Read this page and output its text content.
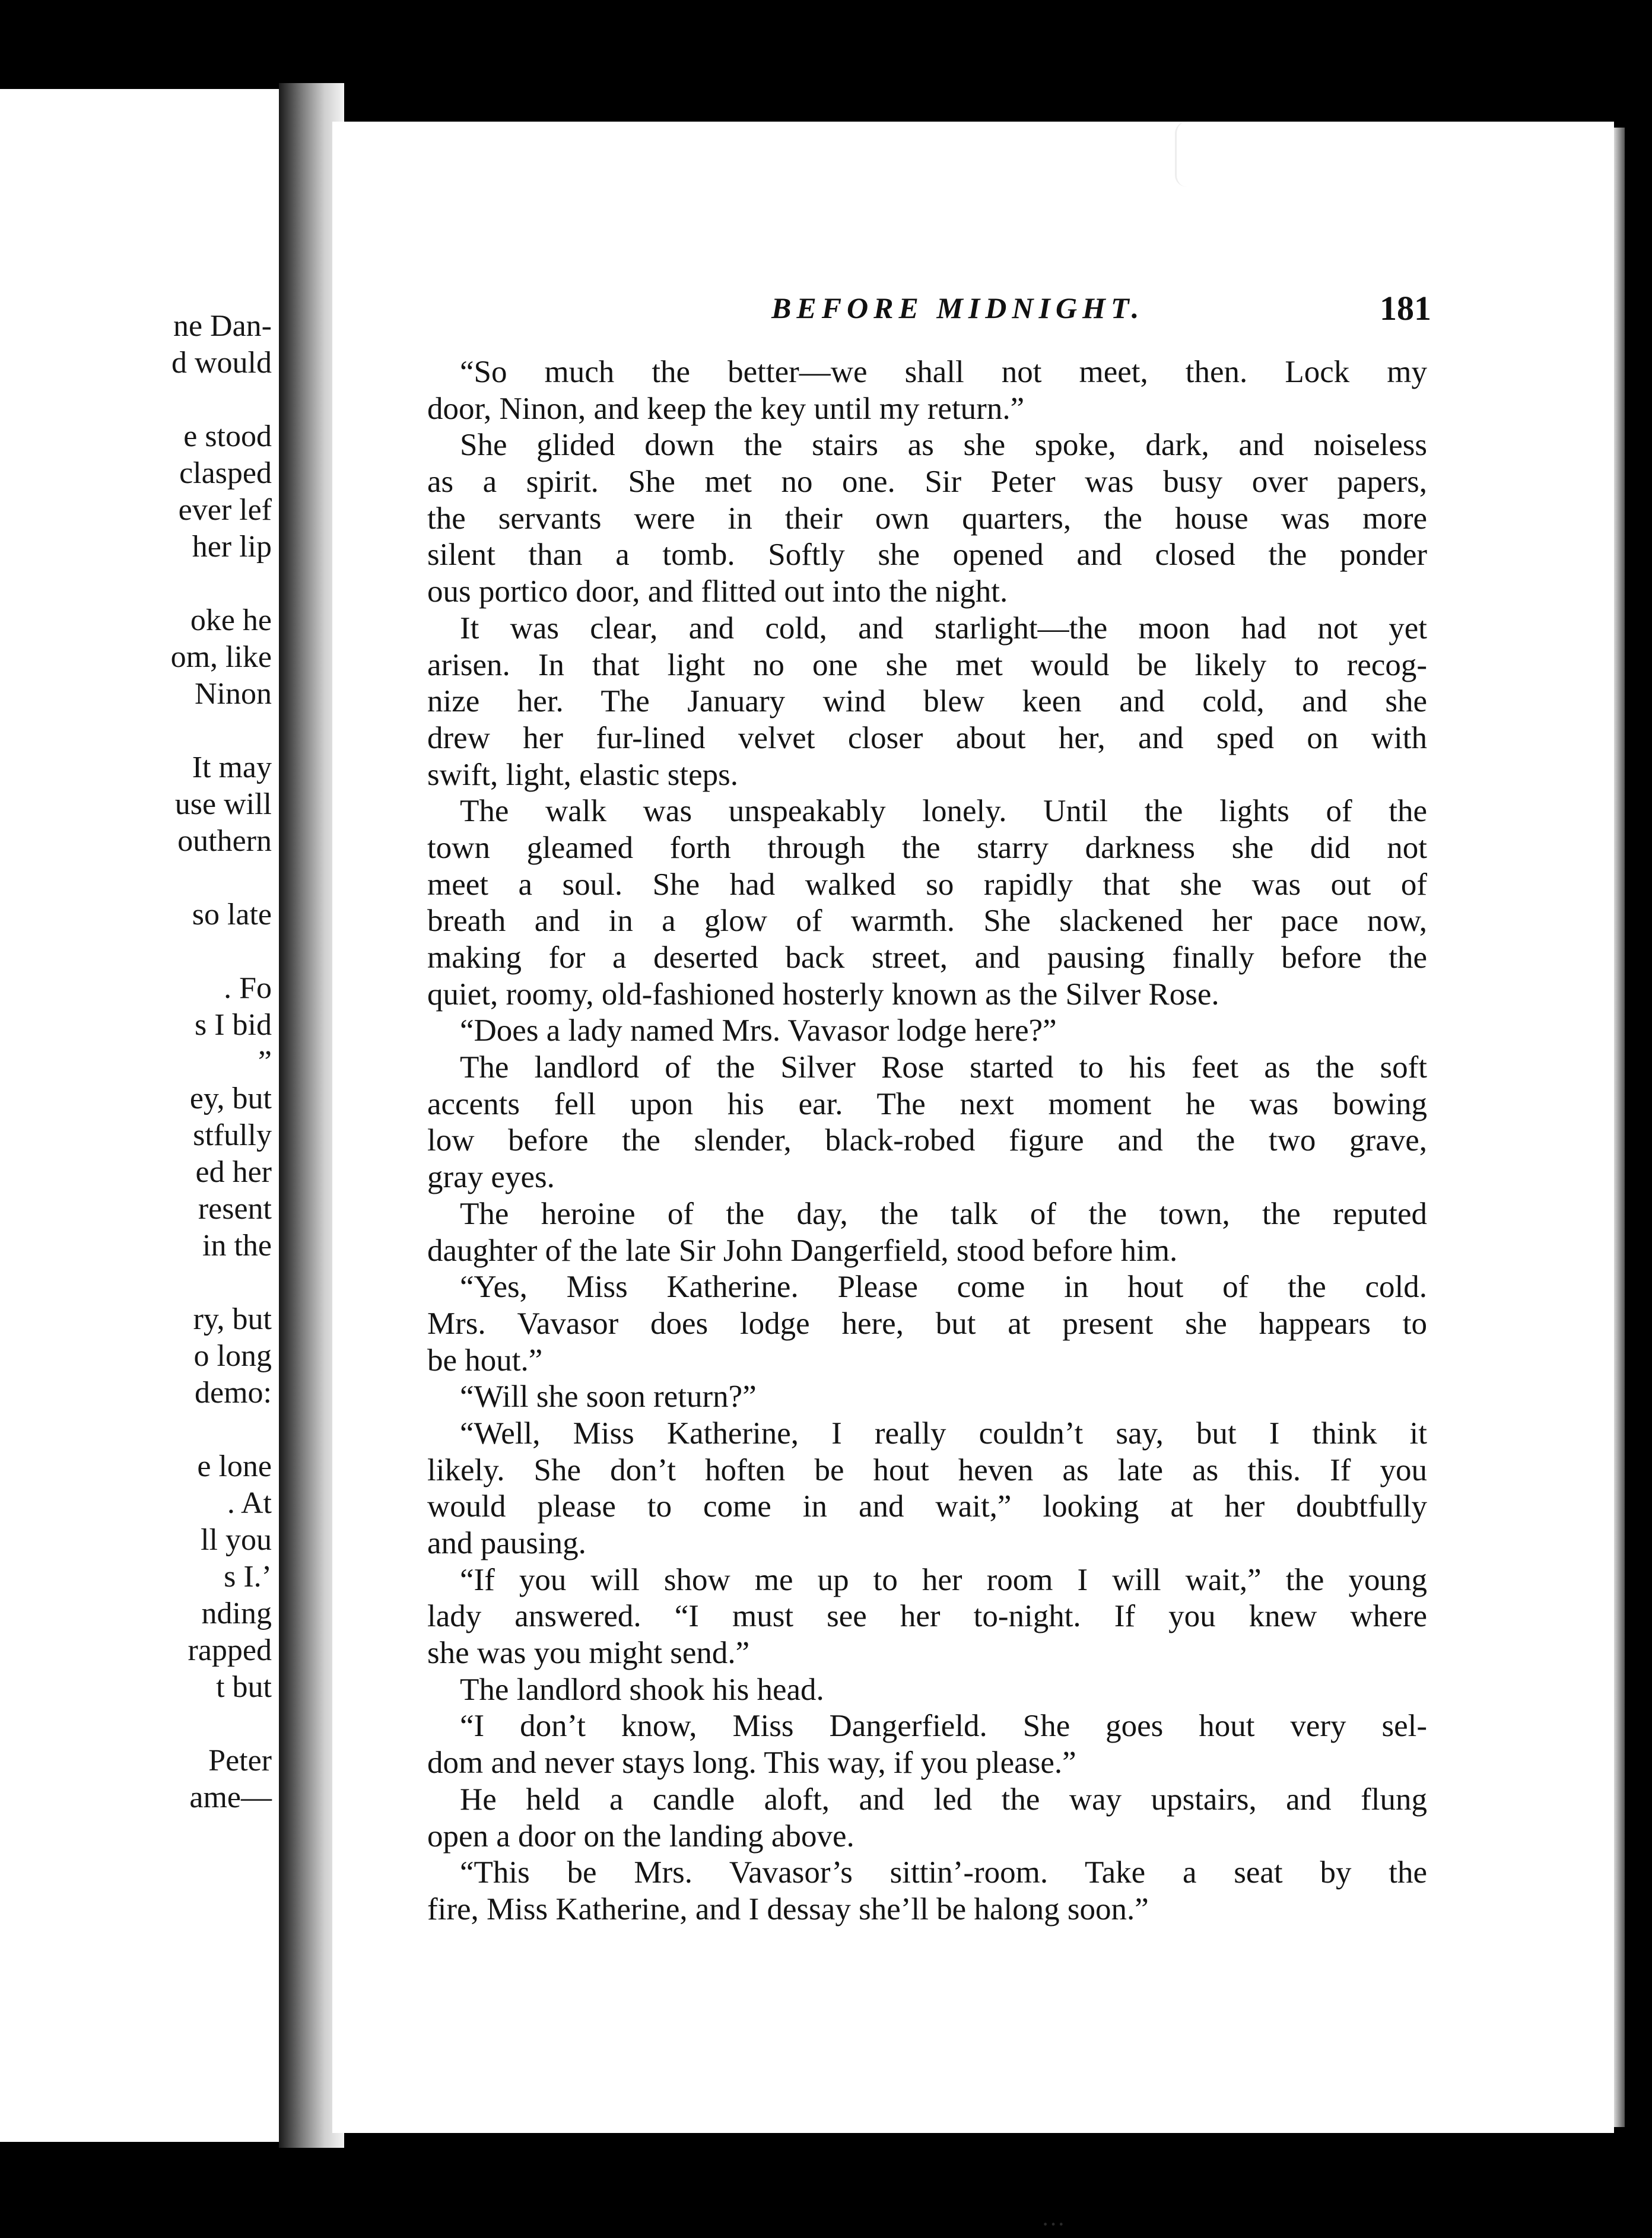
ne Dan-
d would
e stood
clasped
ever lef
her lip
oke he
om, like
Ninon
It may
use will
outhern
so late
. Fo
s I bid
”
ey, but
stfully
ed her
resent
in the
ry, but
o long
demo:
e lone
. At
ll you
s I.’
nding
rapped
t but
Peter
ame—
BEFORE MIDNIGHT.	181
“So much the better—we shall not meet, then. Lock my
door, Ninon, and keep the key until my return.”
She glided down the stairs as she spoke, dark, and noiseless
as a spirit. She met no one. Sir Peter was busy over papers,
the servants were in their own quarters, the house was more
silent than a tomb. Softly she opened and closed the ponder
ous portico door, and flitted out into the night.
It was clear, and cold, and starlight—the moon had not yet
arisen. In that light no one she met would be likely to recog-
nize her. The January wind blew keen and cold, and she
drew her fur-lined velvet closer about her, and sped on with
swift, light, elastic steps.
The walk was unspeakably lonely. Until the lights of the
town gleamed forth through the starry darkness she did not
meet a soul. She had walked so rapidly that she was out of
breath and in a glow of warmth. She slackened her pace now,
making for a deserted back street, and pausing finally before the
quiet, roomy, old-fashioned hosterly known as the Silver Rose.
“Does a lady named Mrs. Vavasor lodge here?”
The landlord of the Silver Rose started to his feet as the soft
accents fell upon his ear. The next moment he was bowing
low before the slender, black-robed figure and the two grave,
gray eyes.
The heroine of the day, the talk of the town, the reputed
daughter of the late Sir John Dangerfield, stood before him.
“Yes, Miss Katherine. Please come in hout of the cold.
Mrs. Vavasor does lodge here, but at present she happears to
be hout.”
“Will she soon return?”
“Well, Miss Katherine, I really couldn’t say, but I think it
likely. She don’t hoften be hout heven as late as this. If you
would please to come in and wait,” looking at her doubtfully
and pausing.
“If you will show me up to her room I will wait,” the young
lady answered. “I must see her to-night. If you knew where
she was you might send.”
The landlord shook his head.
“I don’t know, Miss Dangerfield. She goes hout very sel-
dom and never stays long. This way, if you please.”
He held a candle aloft, and led the way upstairs, and flung
open a door on the landing above.
“This be Mrs. Vavasor’s sittin’-room. Take a seat by the
fire, Miss Katherine, and I dessay she’ll be halong soon.”
···
